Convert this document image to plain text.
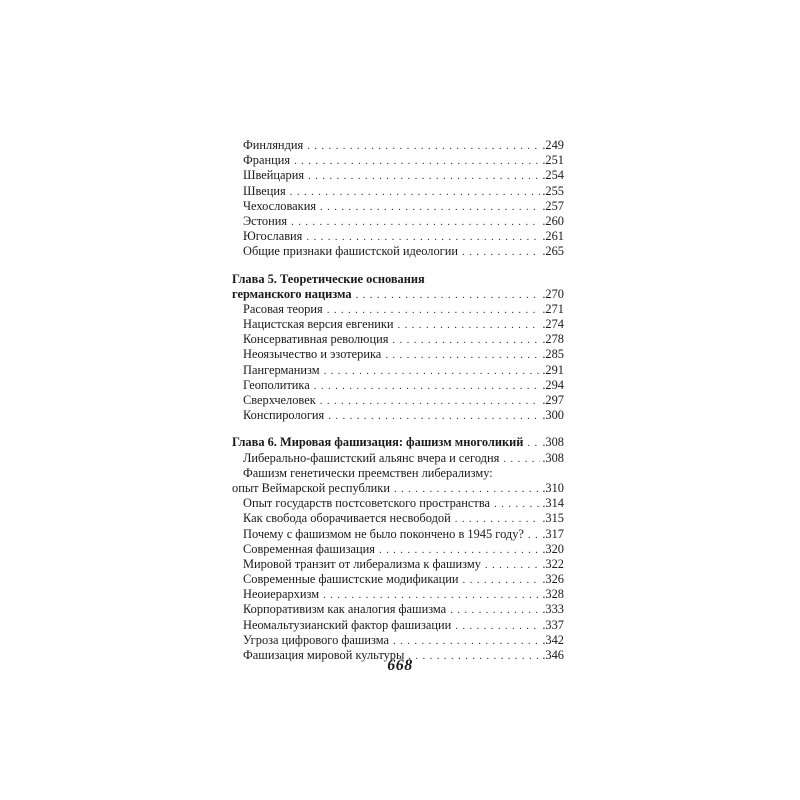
Финляндия . . .	.249
Франция . . .	.251
Швейцария . . .	.254
Швеция . . .	.255
Чехословакия . . .	.257
Эстония . . .	.260
Югославия . . .	.261
Общие признаки фашистской идеологии . . .	.265
Глава 5. Теоретические основания
германского нацизма . . .	.270
Расовая теория . . .	.271
Нацистская версия евгеники . . .	.274
Консервативная революция . . .	.278
Неоязычество и эзотерика . . .	.285
Пангерманизм . . .	.291
Геополитика . . .	.294
Сверхчеловек . . .	.297
Конспирология . . .	.300
Глава 6. Мировая фашизация: фашизм многоликий . . . .308
Либерально-фашистский альянс вчера и сегодня . . .	.308
Фашизм генетически преемствен либерализму:
опыт Веймарской республики . . .	.310
Опыт государств постсоветского пространства . . .	.314
Как свобода оборачивается несвободой . . .	.315
Почему с фашизмом не было покончено в 1945 году? . . . .317
Современная фашизация . . .	.320
Мировой транзит от либерализма к фашизму . . .	.322
Современные фашистские модификации . . .	.326
Неоиерархизм . . .	.328
Корпоративизм как аналогия фашизма . . .	.333
Неомальтузианский фактор фашизации . . .	.337
Угроза цифрового фашизма . . .	.342
Фашизация мировой культуры . . .	.346
668
